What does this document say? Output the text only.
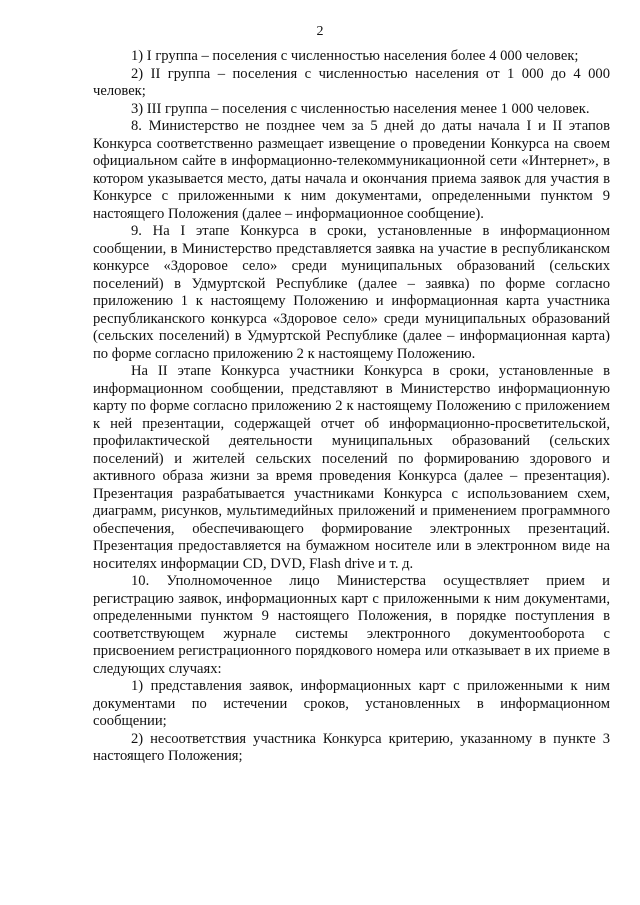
2

1) I группа – поселения с численностью населения более 4 000 человек;

2) II группа – поселения с численностью населения от 1 000 до 4 000 человек;

3) III группа – поселения с численностью населения менее 1 000 человек.

8. Министерство не позднее чем за 5 дней до даты начала I и II этапов Конкурса соответственно размещает извещение о проведении Конкурса на своем официальном сайте в информационно-телекоммуникационной сети «Интернет», в котором указывается место, даты начала и окончания приема заявок для участия в Конкурсе с приложенными к ним документами, определенными пунктом 9 настоящего Положения (далее – информационное сообщение).

9. На I этапе Конкурса в сроки, установленные в информационном сообщении, в Министерство представляется заявка на участие в республиканском конкурсе «Здоровое село» среди муниципальных образований (сельских поселений) в Удмуртской Республике (далее – заявка) по форме согласно приложению 1 к настоящему Положению и информационная карта участника республиканского конкурса «Здоровое село» среди муниципальных образований (сельских поселений) в Удмуртской Республике (далее – информационная карта) по форме согласно приложению 2 к настоящему Положению.

На II этапе Конкурса участники Конкурса в сроки, установленные в информационном сообщении, представляют в Министерство информационную карту по форме согласно приложению 2 к настоящему Положению с приложением к ней презентации, содержащей отчет об информационно-просветительской, профилактической деятельности муниципальных образований (сельских поселений) и жителей сельских поселений по формированию здорового и активного образа жизни за время проведения Конкурса (далее – презентация). Презентация разрабатывается участниками Конкурса с использованием схем, диаграмм, рисунков, мультимедийных приложений и применением программного обеспечения, обеспечивающего формирование электронных презентаций. Презентация предоставляется на бумажном носителе или в электронном виде на носителях информации CD, DVD, Flash drive и т. д.

10. Уполномоченное лицо Министерства осуществляет прием и регистрацию заявок, информационных карт с приложенными к ним документами, определенными пунктом 9 настоящего Положения, в порядке поступления в соответствующем журнале системы электронного документооборота с присвоением регистрационного порядкового номера или отказывает в их приеме в следующих случаях:

1) представления заявок, информационных карт с приложенными к ним документами по истечении сроков, установленных в информационном сообщении;

2) несоответствия участника Конкурса критерию, указанному в пункте 3 настоящего Положения;
